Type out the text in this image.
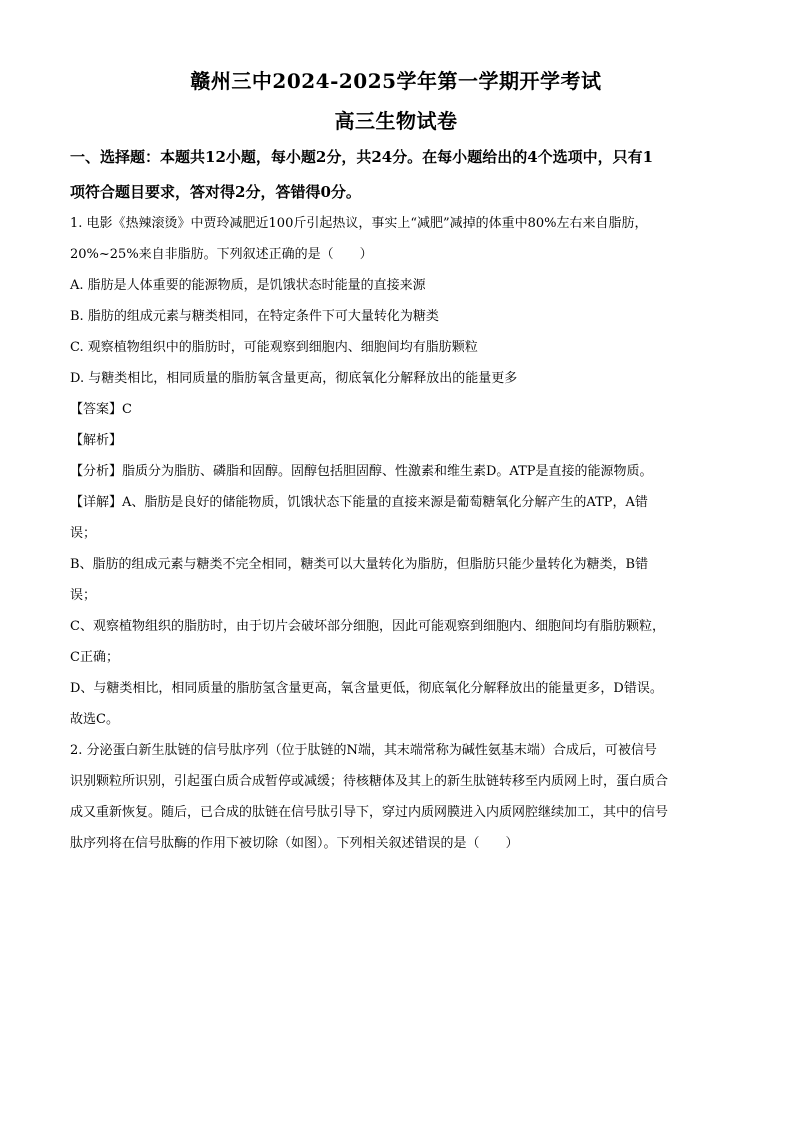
赣州三中2024-2025学年第一学期开学考试
高三生物试卷
一、选择题：本题共12小题，每小题2分，共24分。在每小题给出的4个选项中，只有1
项符合题目要求，答对得2分，答错得0分。

1. 电影《热辣滚烫》中贾玲减肥近100斤引起热议，事实上“减肥”减掉的体重中80%左右来自脂肪，

20%~25%来自非脂肪。下列叙述正确的是（　　）

A. 脂肪是人体重要的能源物质，是饥饿状态时能量的直接来源

B. 脂肪的组成元素与糖类相同，在特定条件下可大量转化为糖类

C. 观察植物组织中的脂肪时，可能观察到细胞内、细胞间均有脂肪颗粒

D. 与糖类相比，相同质量的脂肪氧含量更高，彻底氧化分解释放出的能量更多

【答案】C

【解析】

【分析】脂质分为脂肪、磷脂和固醇。固醇包括胆固醇、性激素和维生素D。ATP是直接的能源物质。

【详解】A、脂肪是良好的储能物质，饥饿状态下能量的直接来源是葡萄糖氧化分解产生的ATP，A错

误；

B、脂肪的组成元素与糖类不完全相同，糖类可以大量转化为脂肪，但脂肪只能少量转化为糖类，B错

误；

C、观察植物组织的脂肪时，由于切片会破坏部分细胞，因此可能观察到细胞内、细胞间均有脂肪颗粒，

C正确；

D、与糖类相比，相同质量的脂肪氢含量更高，氧含量更低，彻底氧化分解释放出的能量更多，D错误。

故选C。

2. 分泌蛋白新生肽链的信号肽序列（位于肽链的N端，其末端常称为碱性氨基末端）合成后，可被信号

识别颗粒所识别，引起蛋白质合成暂停或减缓；待核糖体及其上的新生肽链转移至内质网上时，蛋白质合

成又重新恢复。随后，已合成的肽链在信号肽引导下，穿过内质网膜进入内质网腔继续加工，其中的信号

肽序列将在信号肽酶的作用下被切除（如图）。下列相关叙述错误的是（　　）
